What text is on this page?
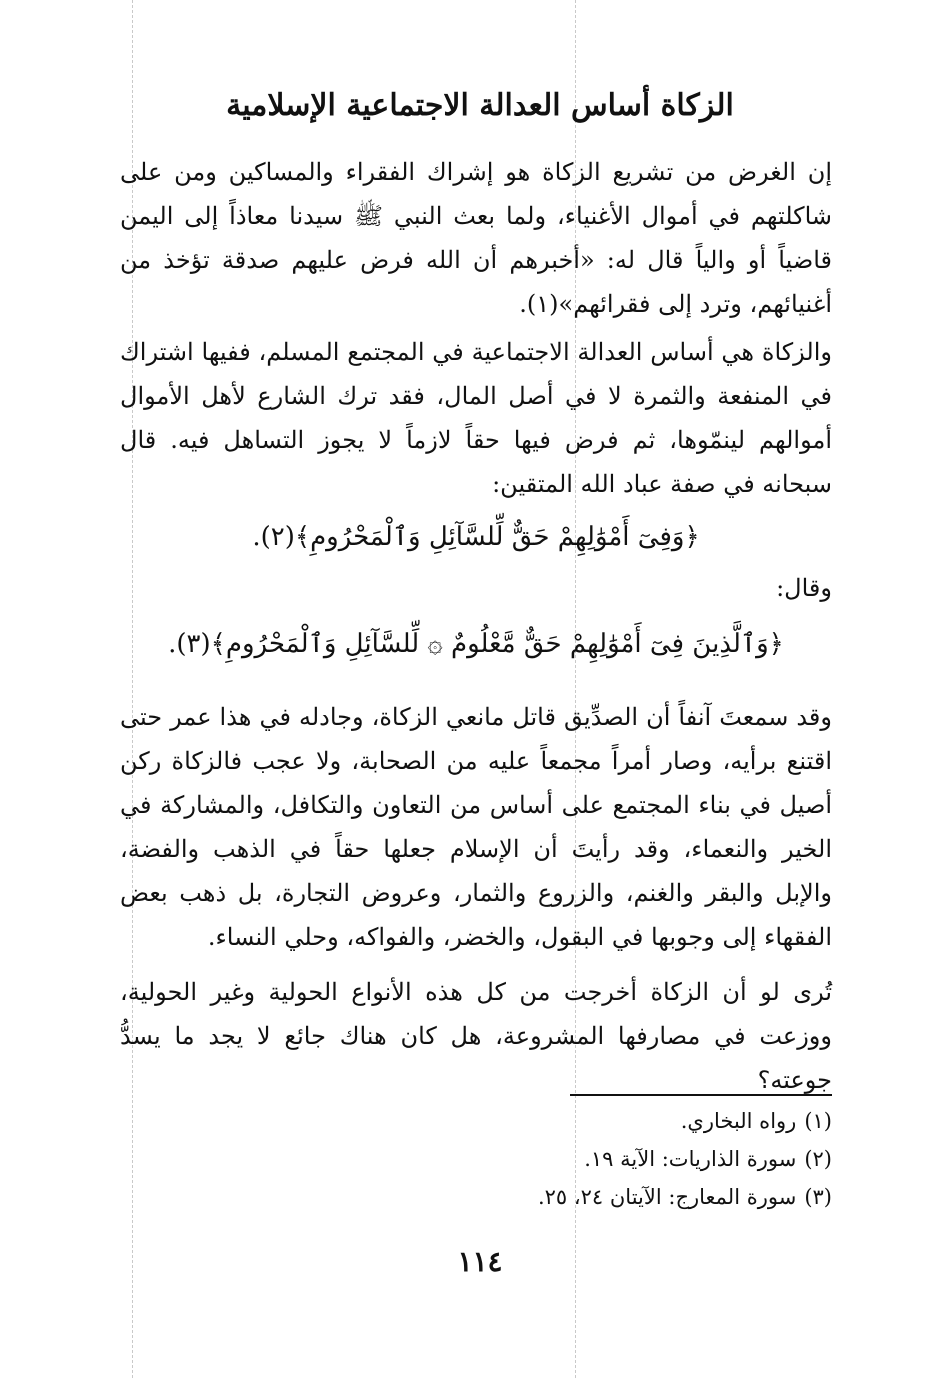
الزكاة أساس العدالة الاجتماعية الإسلامية

إن الغرض من تشريع الزكاة هو إشراك الفقراء والمساكين ومن على شاكلتهم في أموال الأغنياء، ولما بعث النبي ﷺ سيدنا معاذاً إلى اليمن قاضياً أو والياً قال له: «أخبرهم أن الله فرض عليهم صدقة تؤخذ من أغنيائهم، وترد إلى فقرائهم»(١).

والزكاة هي أساس العدالة الاجتماعية في المجتمع المسلم، ففيها اشتراك في المنفعة والثمرة لا في أصل المال، فقد ترك الشارع لأهل الأموال أموالهم لينمّوها، ثم فرض فيها حقاً لازماً لا يجوز التساهل فيه. قال سبحانه في صفة عباد الله المتقين:

﴿وَفِىٓ أَمْوَٰلِهِمْ حَقٌّ لِّلسَّآئِلِ وَٱلْمَحْرُومِ﴾(٢).

وقال:

﴿وَٱلَّذِينَ فِىٓ أَمْوَٰلِهِمْ حَقٌّ مَّعْلُومٌ ۞ لِّلسَّآئِلِ وَٱلْمَحْرُومِ﴾(٣).

وقد سمعتَ آنفاً أن الصدِّيق قاتل مانعي الزكاة، وجادله في هذا عمر حتى اقتنع برأيه، وصار أمراً مجمعاً عليه من الصحابة، ولا عجب فالزكاة ركن أصيل في بناء المجتمع على أساس من التعاون والتكافل، والمشاركة في الخير والنعماء، وقد رأيتَ أن الإسلام جعلها حقاً في الذهب والفضة، والإبل والبقر والغنم، والزروع والثمار، وعروض التجارة، بل ذهب بعض الفقهاء إلى وجوبها في البقول، والخضر، والفواكه، وحلي النساء.

تُرى لو أن الزكاة أخرجت من كل هذه الأنواع الحولية وغير الحولية، ووزعت في مصارفها المشروعة، هل كان هناك جائع لا يجد ما يسدُّ جوعته؟

(١)رواه البخاري.
(٢)سورة الذاريات: الآية ١٩.
(٣)سورة المعارج: الآيتان ٢٤، ٢٥.
١١٤
